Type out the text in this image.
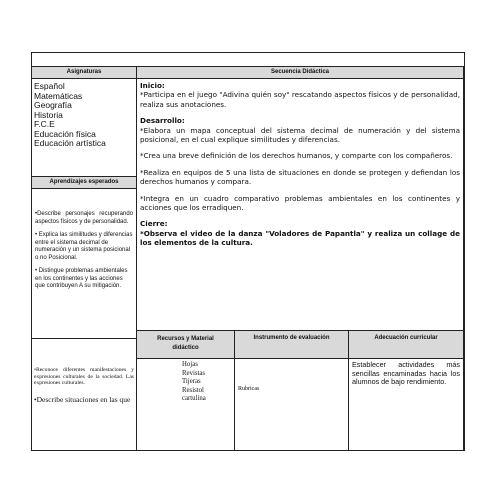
Asignaturas	Secuencia Didáctica
Español
Matemáticas
Geografía
Historia
F.C.E
Educación física
Educación artística
Aprendizajes esperados

•Describe personajes recuperando aspectos físicos y de personalidad.

• Explica las similitudes y diferencias entre el sistema decimal de numeración y un sistema posicional o no Posicional.

• Distingue problemas ambientales en los continentes y las acciones que contribuyen A su mitigación.

•Reconoce diferentes manifestaciones y expresiones culturales de la sociedad. Las expresiones culturales.

•Describe situaciones en las que

Inicio:

*Participa en el juego "Adivina quién soy" rescatando aspectos físicos y de personalidad, realiza sus anotaciones.

Desarrollo:

*Elabora un mapa conceptual del sistema decimal de numeración y del sistema posicional, en el cual explique similitudes y diferencias.

*Crea una breve definición de los derechos humanos, y comparte con los compañeros.

*Realiza en equipos de 5 una lista de situaciones en donde se protegen y defiendan los derechos humanos y compara.

*Integra en un cuadro comparativo problemas ambientales en los continentes y acciones que los erradiquen.

Cierre:

*Observa el video de la danza "Voladores de Papantla" y realiza un collage de los elementos de la cultura.

Recursos y Material
didáctico
Instrumento de evaluación	Adecuación curricular
Hojas
Revistas
Tijeras
Resistol
cartulina
Rubricas
Establecer actividades más sencillas encaminadas hacia los alumnos de bajo rendimiento.
